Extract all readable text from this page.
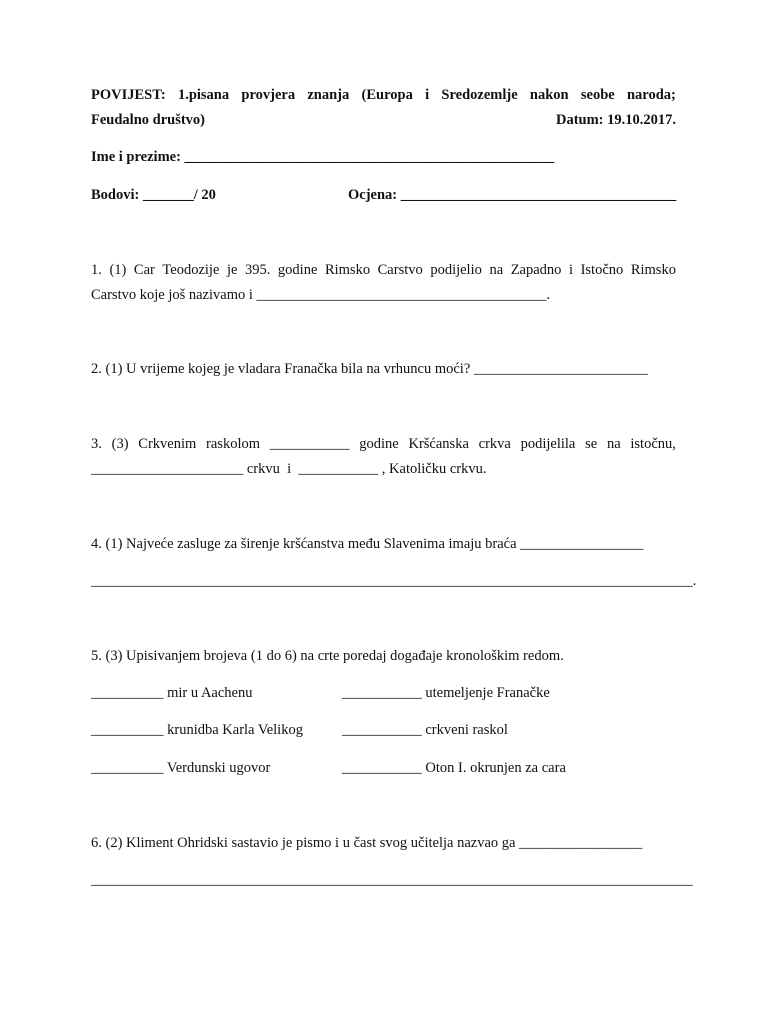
POVIJEST: 1.pisana provjera znanja (Europa i Sredozemlje nakon seobe naroda;
Feudalno društvo)	Datum: 19.10.2017.
Ime i prezime: ___________________________________________________
Bodovi: _______/ 20	Ocjena: ______________________________________
1. (1) Car Teodozije je 395. godine Rimsko Carstvo podijelio na Zapadno i Istočno Rimsko
Carstvo koje još nazivamo i ________________________________________.
2. (1) U vrijeme kojeg je vladara Franačka bila na vrhuncu moći? ________________________
3. (3) Crkvenim raskolom ___________ godine Kršćanska crkva podijelila se na istočnu,
_____________________ crkvu  i  ___________ , Katoličku crkvu.
4. (1) Najveće zasluge za širenje kršćanstva među Slavenima imaju braća _________________
___________________________________________________________________________________.
5. (3) Upisivanjem brojeva (1 do 6) na crte poredaj događaje kronološkim redom.
__________ mir u Aachenu	___________ utemeljenje Franačke
__________ krunidba Karla Velikog	___________ crkveni raskol
__________ Verdunski ugovor	___________ Oton I. okrunjen za cara
6. (2) Kliment Ohridski sastavio je pismo i u čast svog učitelja nazvao ga _________________
___________________________________________________________________________________
